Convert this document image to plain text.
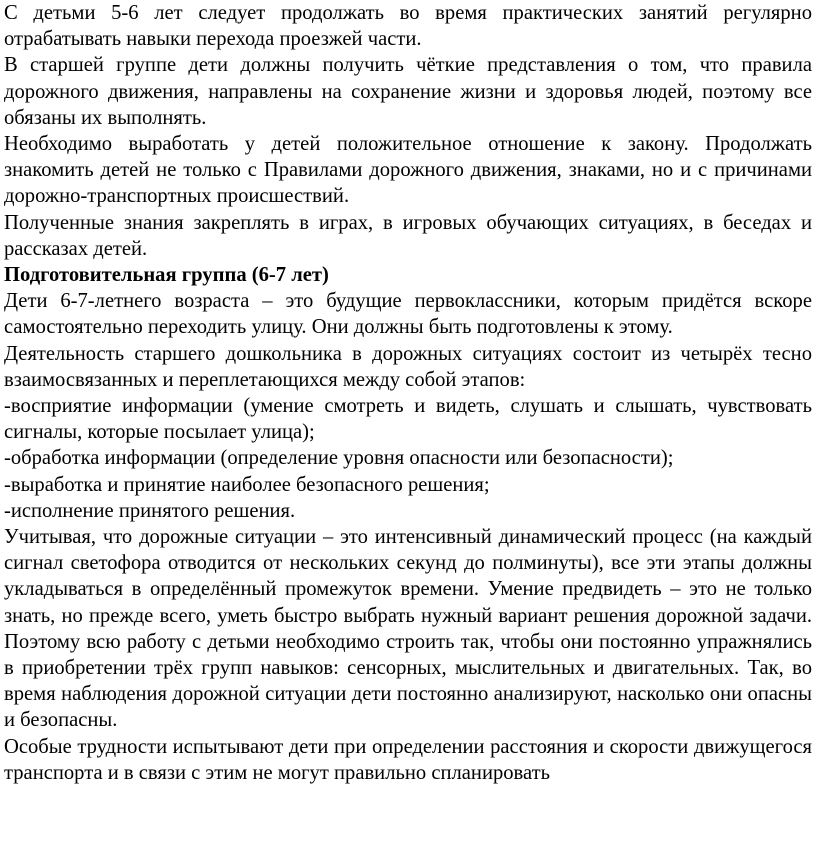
С детьми 5-6 лет следует продолжать во время практических занятий регулярно отрабатывать навыки перехода проезжей части.

В старшей группе дети должны получить чёткие представления о том, что правила дорожного движения, направлены на сохранение жизни и здоровья людей, поэтому все обязаны их выполнять.

Необходимо выработать у детей положительное отношение к закону. Продолжать знакомить детей не только с Правилами дорожного движения, знаками, но и с причинами дорожно-транспортных происшествий.

Полученные знания закреплять в играх, в игровых обучающих ситуациях, в беседах и рассказах детей.

Подготовительная группа (6-7 лет)

Дети 6-7-летнего возраста – это будущие первоклассники, которым придётся вскоре самостоятельно переходить улицу. Они должны быть подготовлены к этому.

Деятельность старшего дошкольника в дорожных ситуациях состоит из четырёх тесно взаимосвязанных и переплетающихся между собой этапов:

-восприятие информации (умение смотреть и видеть, слушать и слышать, чувствовать сигналы, которые посылает улица);

-обработка информации (определение уровня опасности или безопасности);

-выработка и принятие наиболее безопасного решения;

-исполнение принятого решения.

Учитывая, что дорожные ситуации – это интенсивный динамический процесс (на каждый сигнал светофора отводится от нескольких секунд до полминуты), все эти этапы должны укладываться в определённый промежуток времени. Умение предвидеть – это не только знать, но прежде всего, уметь быстро выбрать нужный вариант решения дорожной задачи. Поэтому всю работу с детьми необходимо строить так, чтобы они постоянно упражнялись в приобретении трёх групп навыков: сенсорных, мыслительных и двигательных. Так, во время наблюдения дорожной ситуации дети постоянно анализируют, насколько они опасны и безопасны.

Особые трудности испытывают дети при определении расстояния и скорости движущегося транспорта и в связи с этим не могут правильно спланировать
